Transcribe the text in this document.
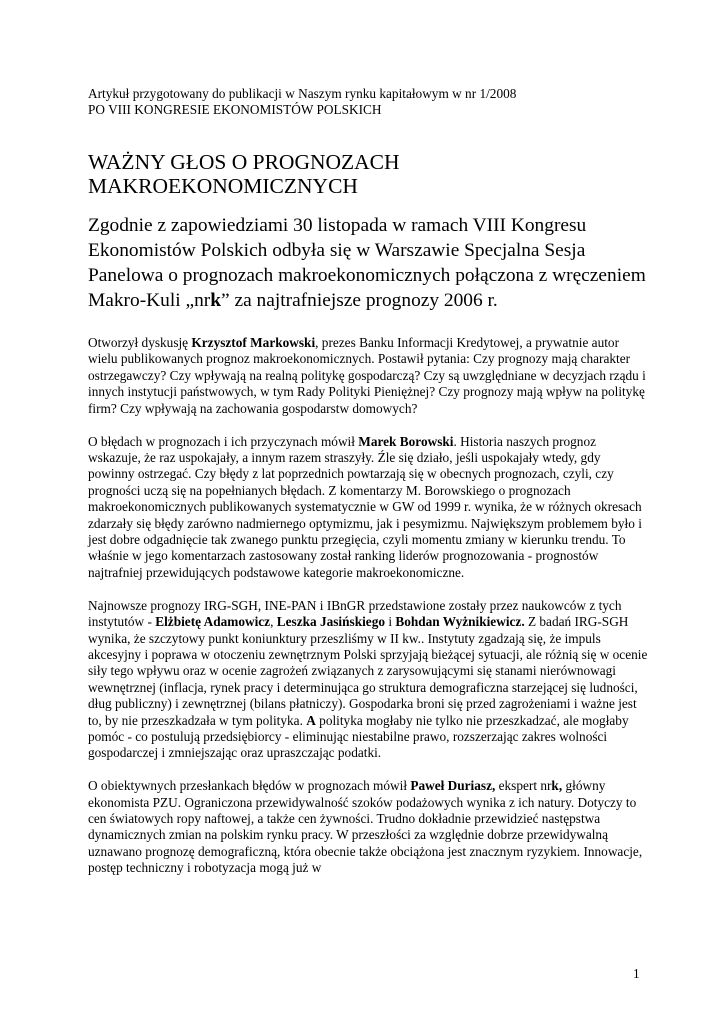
Artykuł przygotowany do publikacji w Naszym rynku kapitałowym w nr 1/2008

PO VIII KONGRESIE EKONOMISTÓW POLSKICH

WAŻNY GŁOS O PROGNOZACH
MAKROEKONOMICZNYCH

Zgodnie z zapowiedziami 30 listopada w ramach VIII Kongresu Ekonomistów Polskich odbyła się w Warszawie Specjalna Sesja Panelowa o prognozach makroekonomicznych połączona z wręczeniem Makro-Kuli „nrk” za najtrafniejsze prognozy 2006 r.

Otworzył dyskusję Krzysztof Markowski, prezes Banku Informacji Kredytowej, a prywatnie autor wielu publikowanych prognoz makroekonomicznych. Postawił pytania: Czy prognozy mają charakter ostrzegawczy? Czy wpływają na realną politykę gospodarczą? Czy są uwzględniane w decyzjach rządu i innych instytucji państwowych, w tym Rady Polityki Pieniężnej? Czy prognozy mają wpływ na politykę firm? Czy wpływają na zachowania gospodarstw domowych?

O błędach w prognozach i ich przyczynach mówił Marek Borowski. Historia naszych prognoz wskazuje, że raz uspokajały, a innym razem straszyły. Źle się działo, jeśli uspokajały wtedy, gdy powinny ostrzegać. Czy błędy z lat poprzednich powtarzają się w obecnych prognozach, czyli, czy progności uczą się na popełnianych błędach. Z komentarzy M. Borowskiego o prognozach makroekonomicznych publikowanych systematycznie w GW od 1999 r. wynika, że w różnych okresach zdarzały się błędy zarówno nadmiernego optymizmu, jak i pesymizmu. Największym problemem było i jest dobre odgadnięcie tak zwanego punktu przegięcia, czyli momentu zmiany w kierunku trendu. To właśnie w jego komentarzach zastosowany został ranking liderów prognozowania - prognostów najtrafniej przewidujących podstawowe kategorie makroekonomiczne.

Najnowsze prognozy IRG-SGH, INE-PAN i IBnGR przedstawione zostały przez naukowców z tych instytutów - Elżbietę Adamowicz, Leszka Jasińskiego i Bohdan Wyżnikiewicz. Z badań IRG-SGH wynika, że szczytowy punkt koniunktury przeszliśmy w II kw.. Instytuty zgadzają się, że impuls akcesyjny i poprawa w otoczeniu zewnętrznym Polski sprzyjają bieżącej sytuacji, ale różnią się w ocenie siły tego wpływu oraz w ocenie zagrożeń związanych z zarysowującymi się stanami nierównowagi wewnętrznej (inflacja, rynek pracy i determinująca go struktura demograficzna starzejącej się ludności, dług publiczny) i zewnętrznej (bilans płatniczy). Gospodarka broni się przed zagrożeniami i ważne jest to, by nie przeszkadzała w tym polityka. A polityka mogłaby nie tylko nie przeszkadzać, ale mogłaby pomóc - co postulują przedsiębiorcy - eliminując niestabilne prawo, rozszerzając zakres wolności gospodarczej i zmniejszając oraz upraszczając podatki.

O obiektywnych przesłankach błędów w prognozach mówił Paweł Duriasz, ekspert nrk, główny ekonomista PZU. Ograniczona przewidywalność szoków podażowych wynika z ich natury. Dotyczy to cen światowych ropy naftowej, a także cen żywności. Trudno dokładnie przewidzieć następstwa dynamicznych zmian na polskim rynku pracy. W przeszłości za względnie dobrze przewidywalną uznawano prognozę demograficzną, która obecnie także obciążona jest znacznym ryzykiem. Innowacje, postęp techniczny i robotyzacja mogą już w

1
